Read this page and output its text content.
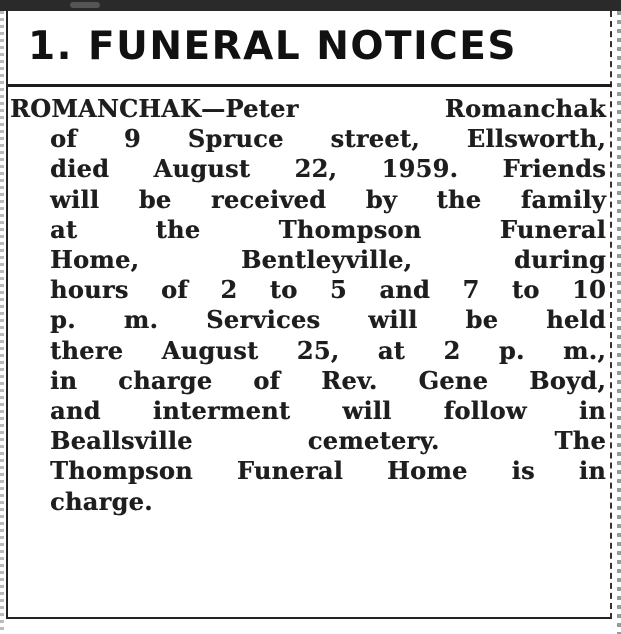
1. FUNERAL NOTICES
ROMANCHAK—Peter Romanchak
of 9 Spruce street, Ellsworth,
died August 22, 1959. Friends
will be received by the family
at the Thompson Funeral
Home, Bentleyville, during
hours of 2 to 5 and 7 to 10
p. m. Services will be held
there August 25, at 2 p. m.,
in charge of Rev. Gene Boyd,
and interment will follow in
Beallsville cemetery. The
Thompson Funeral Home is in
charge.
